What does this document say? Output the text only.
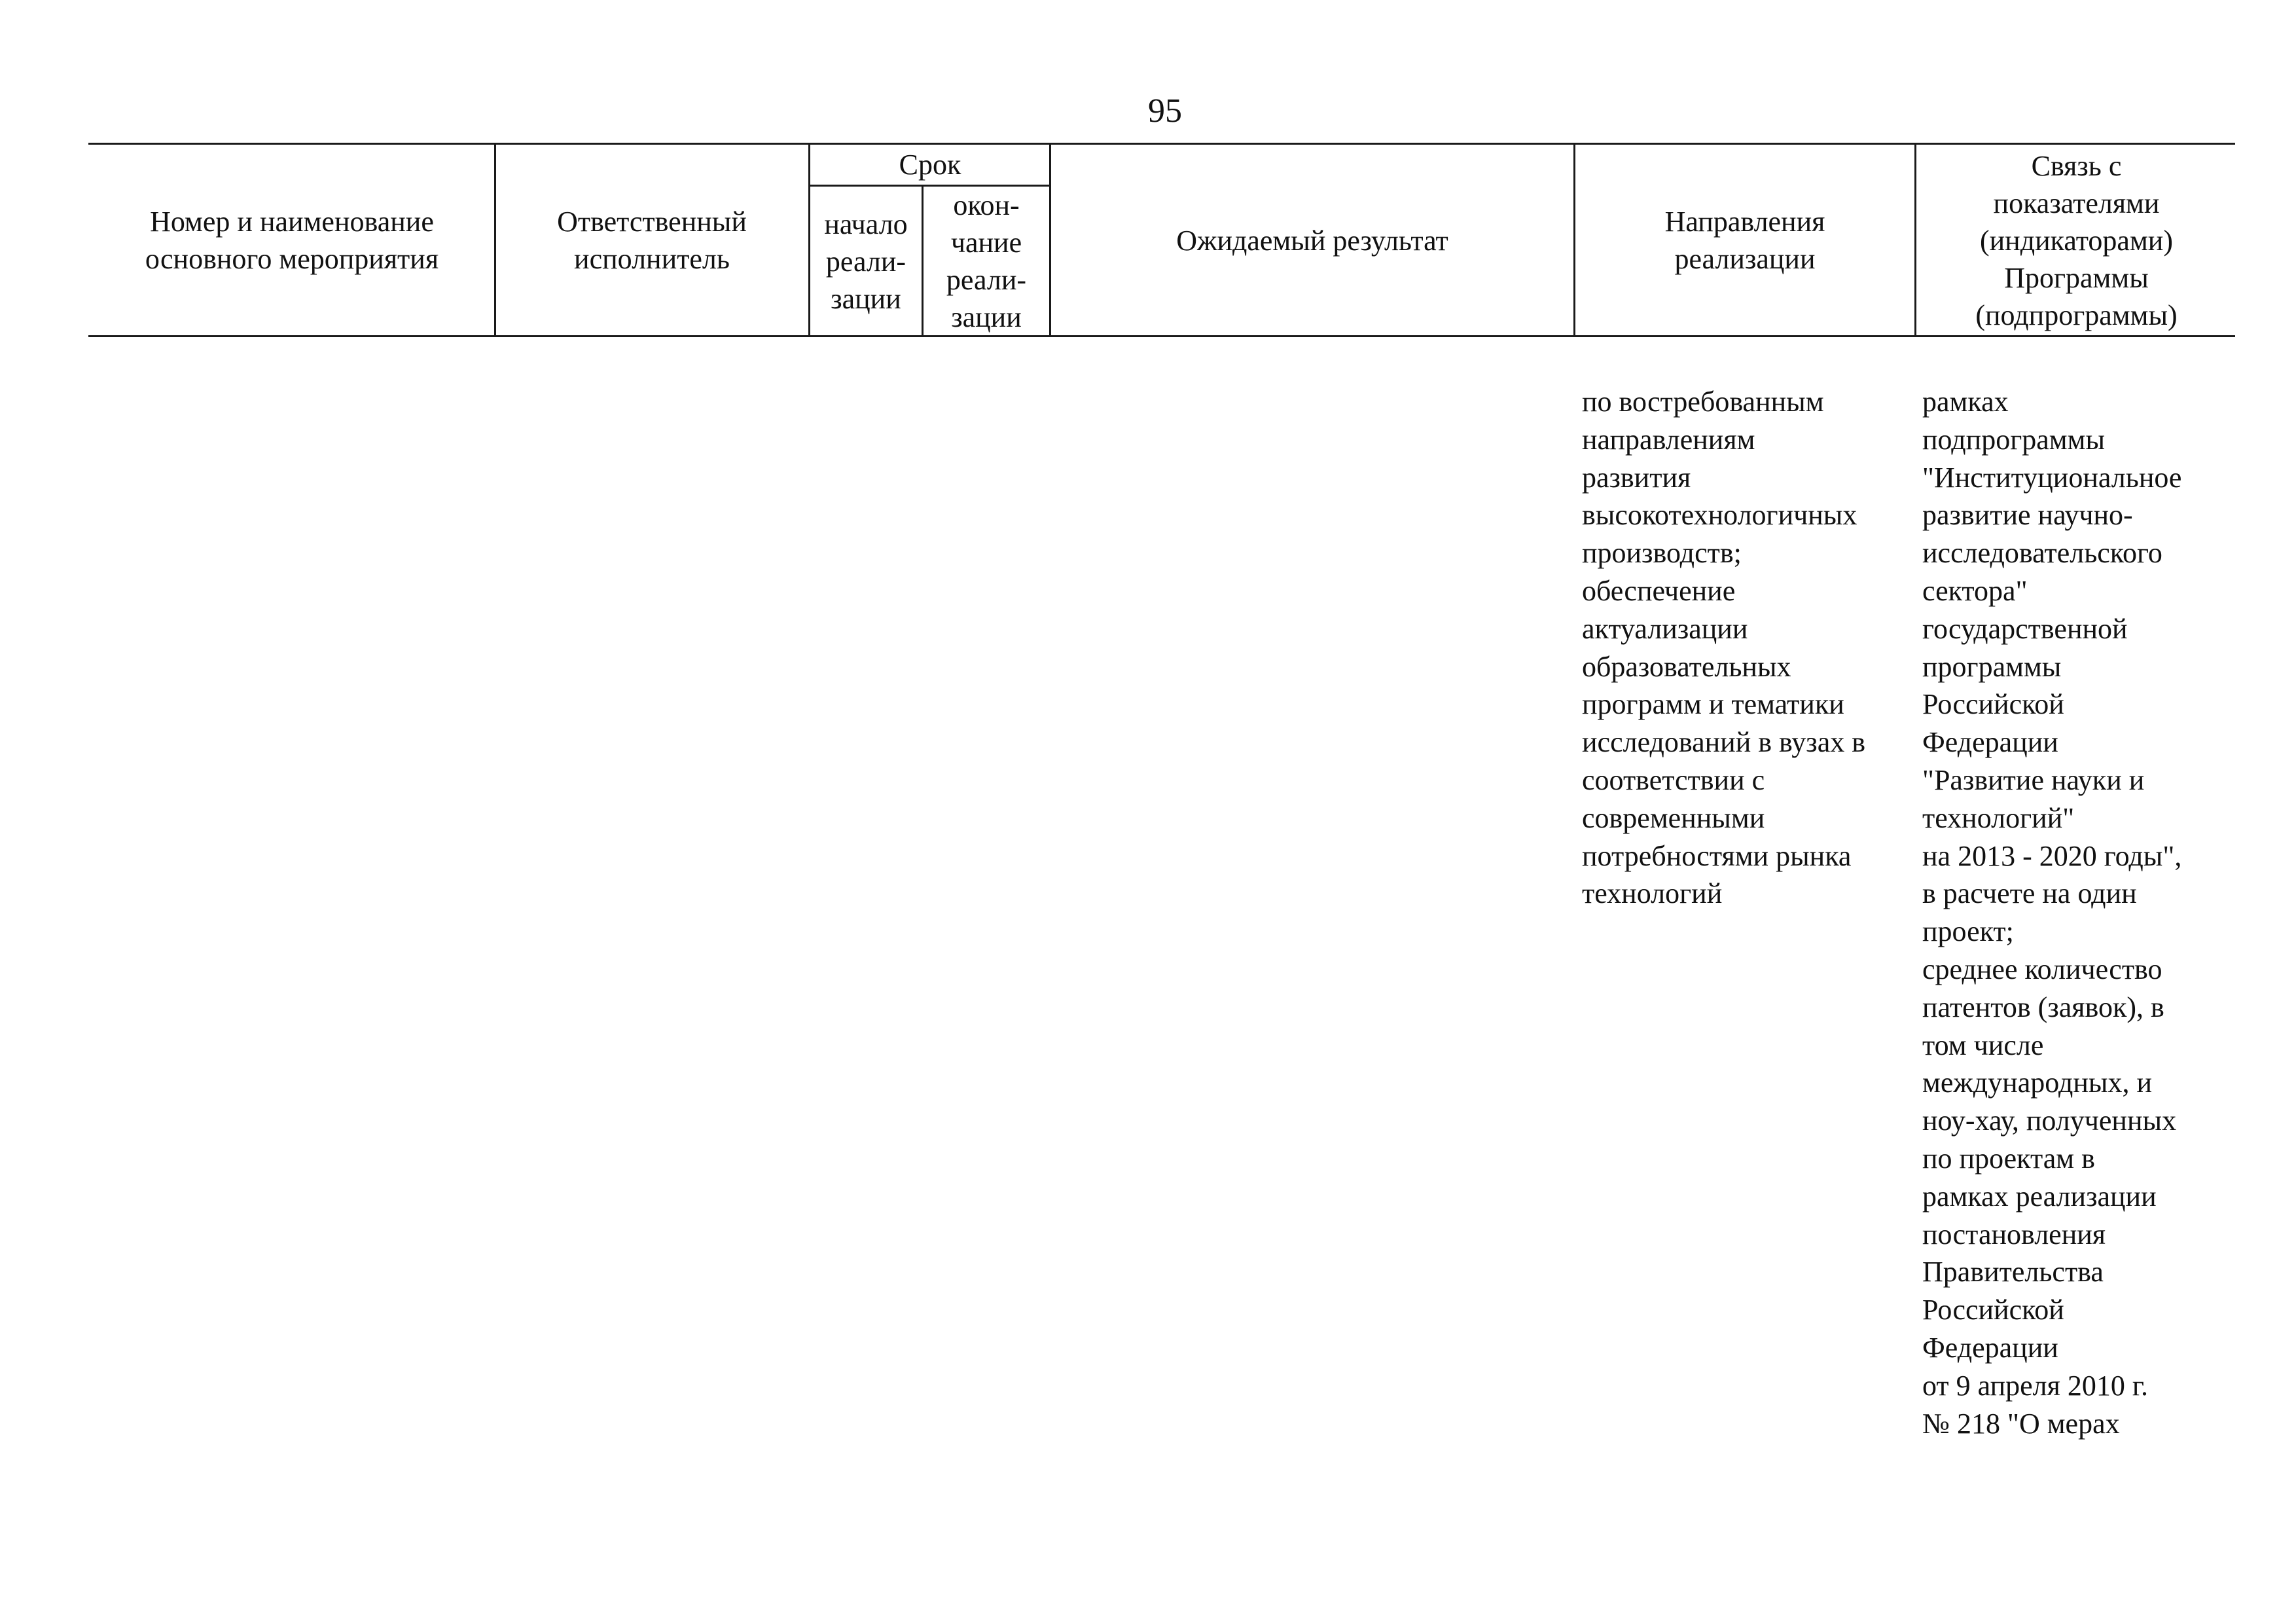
95
Номер и наименование
основного мероприятия
Ответственный
исполнитель
Срок
начало
реали-
зации
окон-
чание
реали-
зации
Ожидаемый результат
Направления
реализации
Связь с
показателями
(индикаторами)
Программы
(подпрограммы)
по востребованным
направлениям
развития
высокотехнологичных
производств;
обеспечение
актуализации
образовательных
программ и тематики
исследований в вузах в
соответствии с
современными
потребностями рынка
технологий
рамках
подпрограммы
"Институциональное
развитие научно-
исследовательского
сектора"
государственной
программы
Российской
Федерации
"Развитие науки и
технологий"
на 2013 - 2020 годы",
в расчете на один
проект;
среднее количество
патентов (заявок), в
том числе
международных, и
ноу-хау, полученных
по проектам в
рамках реализации
постановления
Правительства
Российской
Федерации
от 9 апреля 2010 г.
№ 218 "О мерах
